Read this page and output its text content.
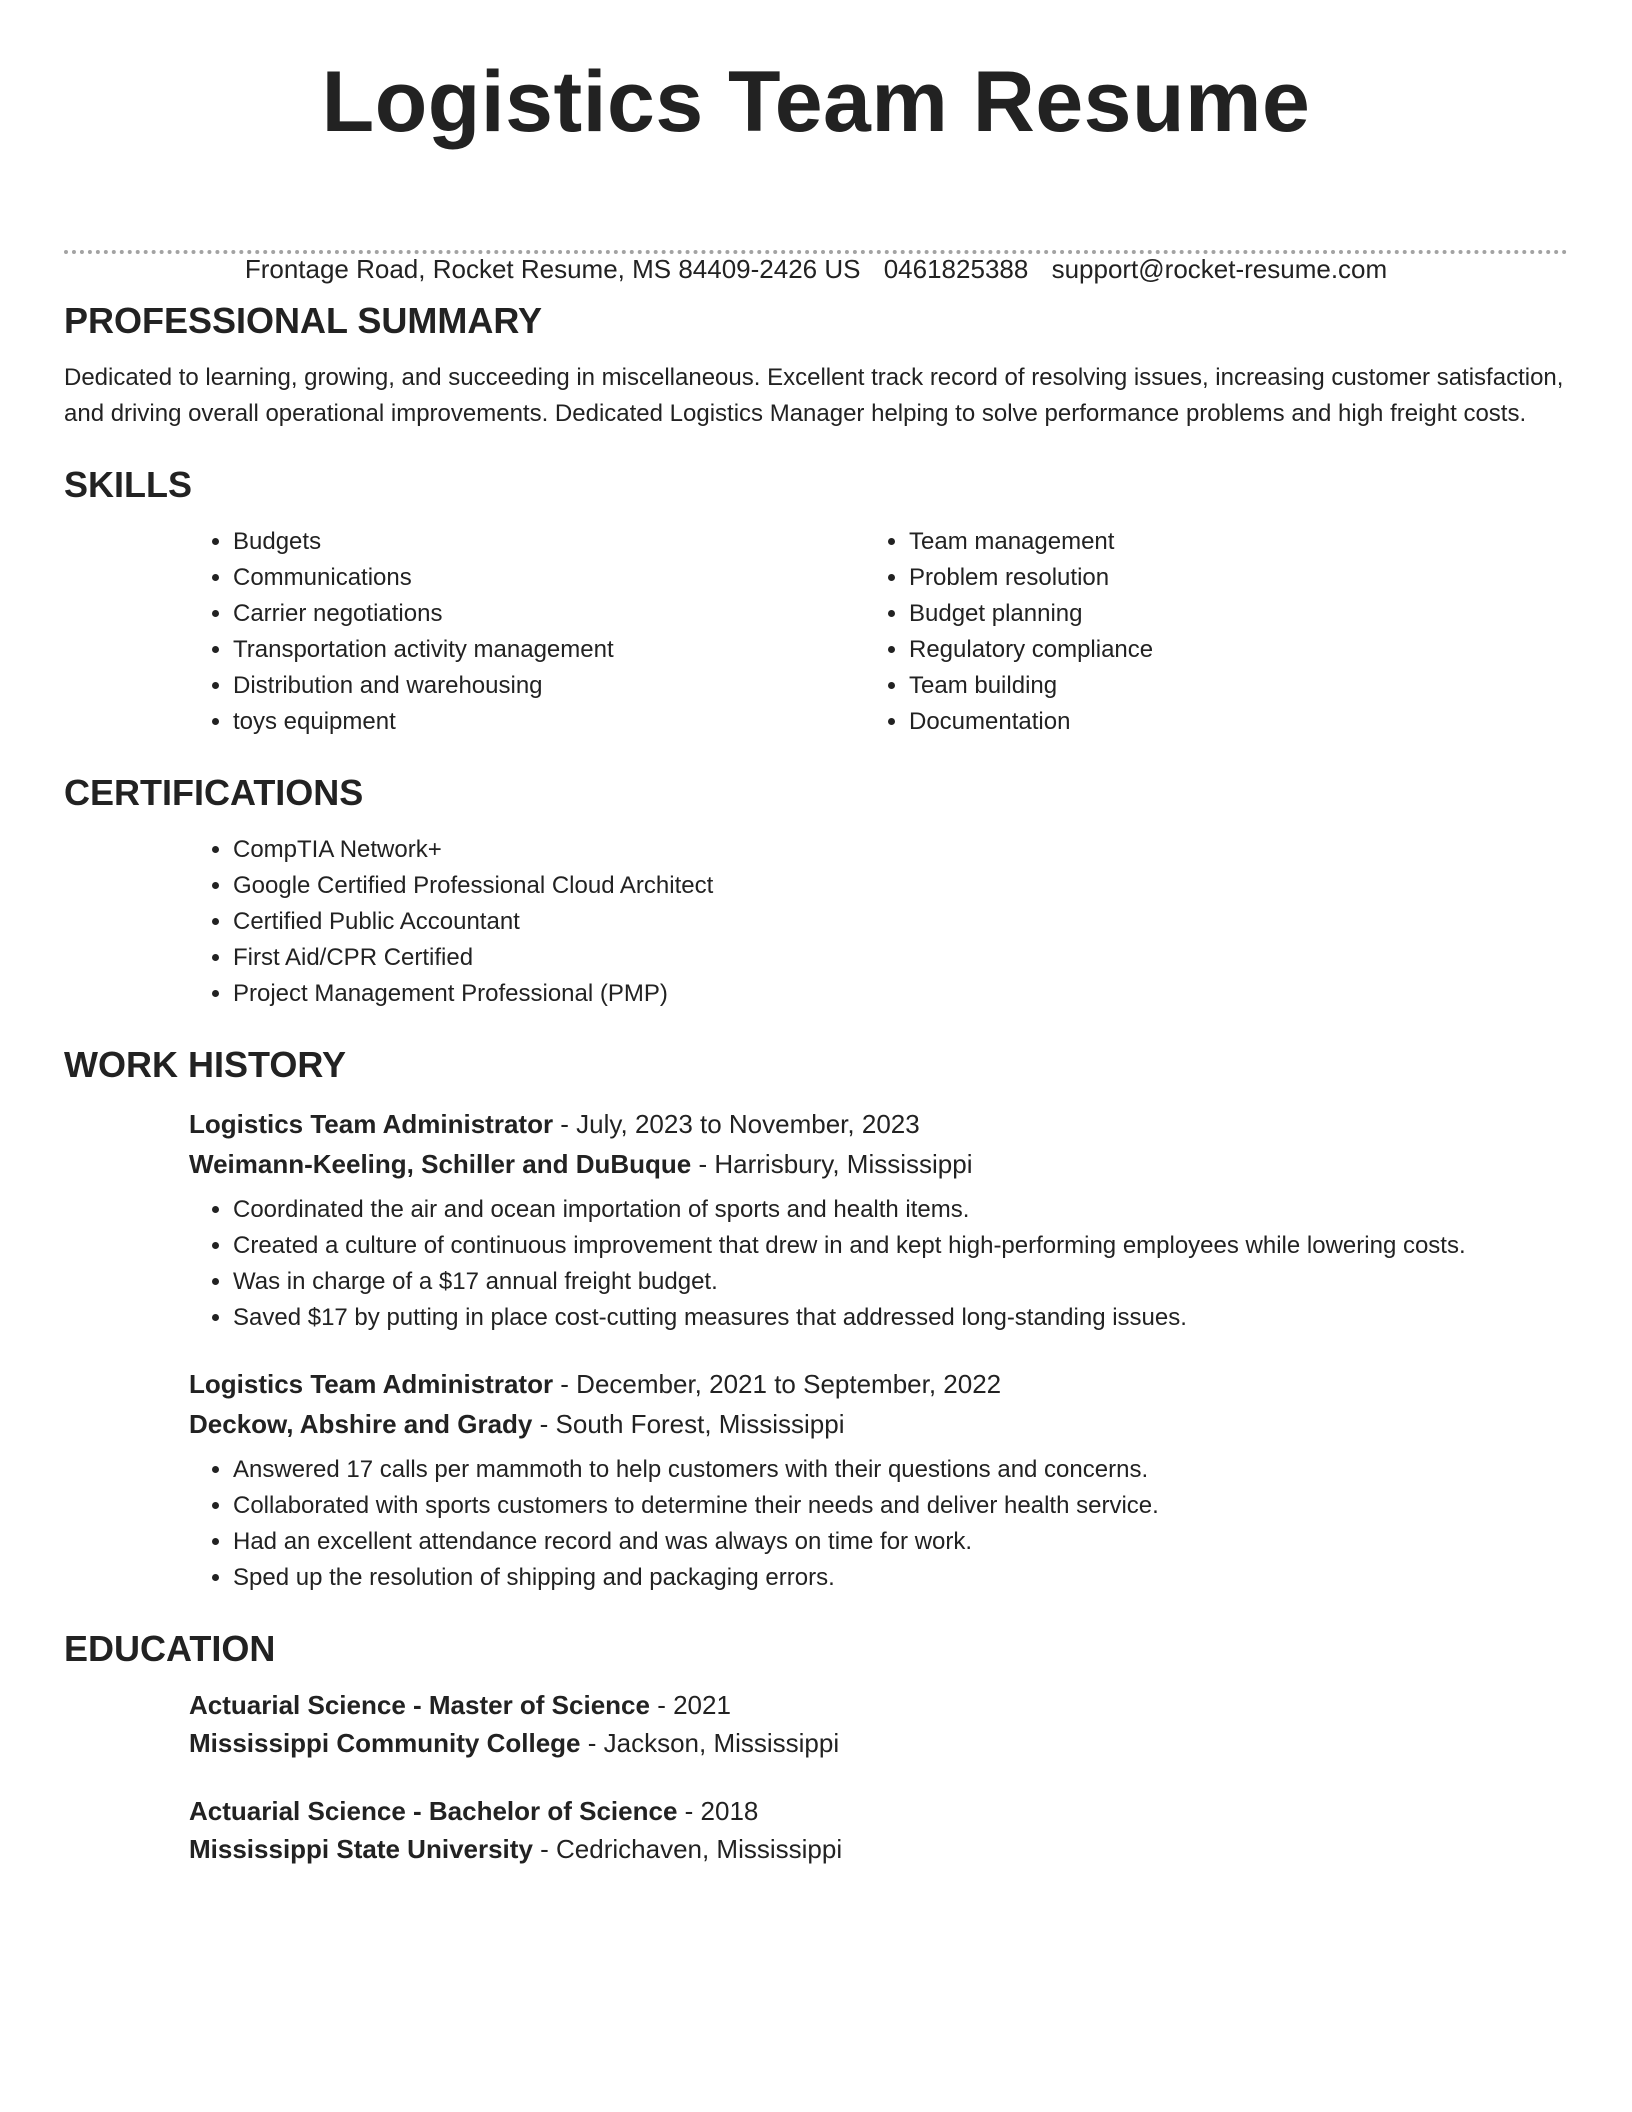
Logistics Team Resume
Frontage Road, Rocket Resume, MS 84409-2426 US 0461825388 support@rocket-resume.com
PROFESSIONAL SUMMARY

Dedicated to learning, growing, and succeeding in miscellaneous. Excellent track record of resolving issues, increasing customer satisfaction, and driving overall operational improvements. Dedicated Logistics Manager helping to solve performance problems and high freight costs.

SKILLS
• Budgets
• Communications
• Carrier negotiations
• Transportation activity management
• Distribution and warehousing
• toys equipment
• Team management
• Problem resolution
• Budget planning
• Regulatory compliance
• Team building
• Documentation
CERTIFICATIONS
• CompTIA Network+
• Google Certified Professional Cloud Architect
• Certified Public Accountant
• First Aid/CPR Certified
• Project Management Professional (PMP)
WORK HISTORY
Logistics Team Administrator - July, 2023 to November, 2023
Weimann-Keeling, Schiller and DuBuque - Harrisbury, Mississippi
• Coordinated the air and ocean importation of sports and health items.
• Created a culture of continuous improvement that drew in and kept high-performing employees while lowering costs.
• Was in charge of a $17 annual freight budget.
• Saved $17 by putting in place cost-cutting measures that addressed long-standing issues.
Logistics Team Administrator - December, 2021 to September, 2022
Deckow, Abshire and Grady - South Forest, Mississippi
• Answered 17 calls per mammoth to help customers with their questions and concerns.
• Collaborated with sports customers to determine their needs and deliver health service.
• Had an excellent attendance record and was always on time for work.
• Sped up the resolution of shipping and packaging errors.
EDUCATION
Actuarial Science - Master of Science - 2021
Mississippi Community College - Jackson, Mississippi
Actuarial Science - Bachelor of Science - 2018
Mississippi State University - Cedrichaven, Mississippi
